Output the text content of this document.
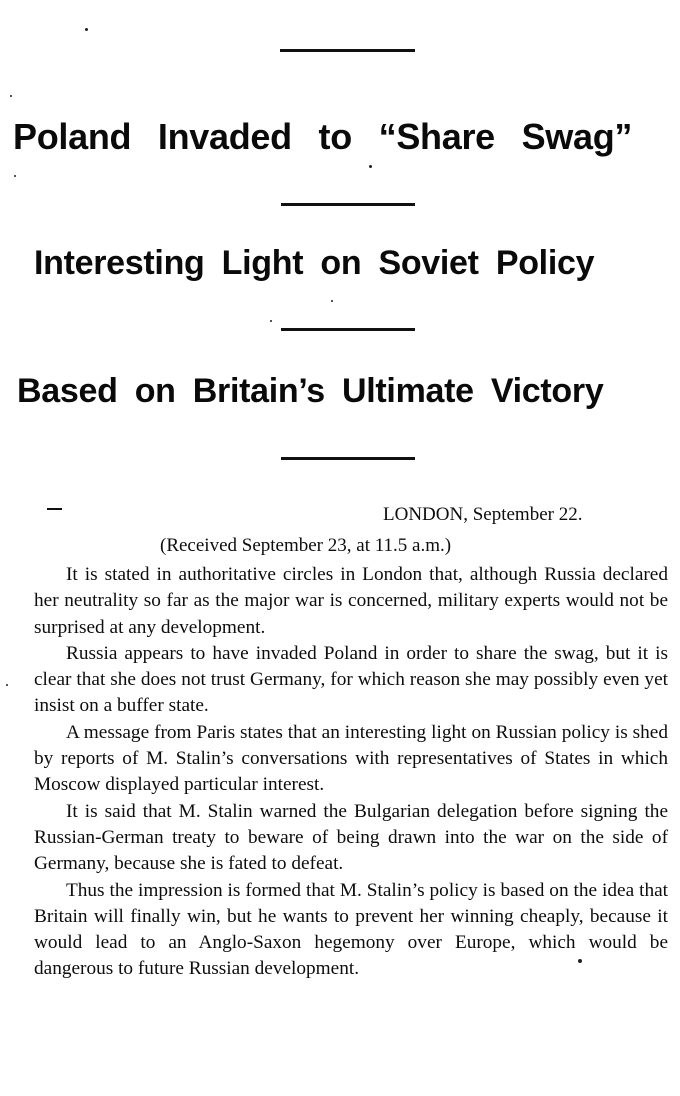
Poland Invaded to “Share Swag”
Interesting Light on Soviet Policy
Based on Britain’s Ultimate Victory
LONDON, September 22.
(Received September 23, at 11.5 a.m.)

It is stated in authoritative circles in London that, although Russia declared her neutrality so far as the major war is concerned, military experts would not be surprised at any development.

Russia appears to have invaded Poland in order to share the swag, but it is clear that she does not trust Germany, for which reason she may possibly even yet insist on a buffer state.

A message from Paris states that an interesting light on Russian policy is shed by reports of M. Stalin’s conversations with representatives of States in which Moscow displayed particular interest.

It is said that M. Stalin warned the Bulgarian delegation before signing the Russian-German treaty to beware of being drawn into the war on the side of Germany, because she is fated to defeat.

Thus the impression is formed that M. Stalin’s policy is based on the idea that Britain will finally win, but he wants to prevent her winning cheaply, because it would lead to an Anglo-Saxon hegemony over Europe, which would be dangerous to future Russian development.
